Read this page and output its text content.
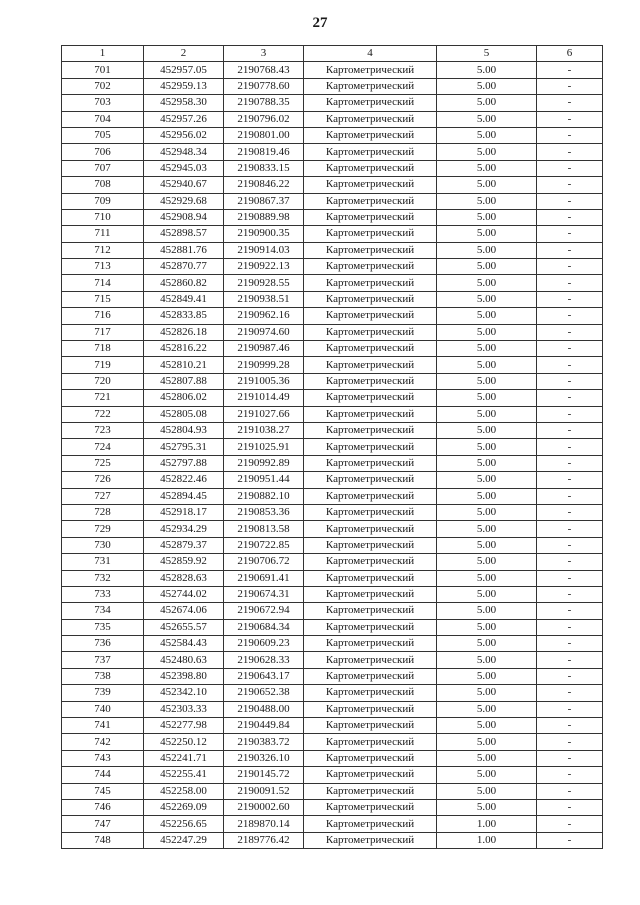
27
1	2	3	4	5	6
701	452957.05	2190768.43	Картометрический	5.00	-
702	452959.13	2190778.60	Картометрический	5.00	-
703	452958.30	2190788.35	Картометрический	5.00	-
704	452957.26	2190796.02	Картометрический	5.00	-
705	452956.02	2190801.00	Картометрический	5.00	-
706	452948.34	2190819.46	Картометрический	5.00	-
707	452945.03	2190833.15	Картометрический	5.00	-
708	452940.67	2190846.22	Картометрический	5.00	-
709	452929.68	2190867.37	Картометрический	5.00	-
710	452908.94	2190889.98	Картометрический	5.00	-
711	452898.57	2190900.35	Картометрический	5.00	-
712	452881.76	2190914.03	Картометрический	5.00	-
713	452870.77	2190922.13	Картометрический	5.00	-
714	452860.82	2190928.55	Картометрический	5.00	-
715	452849.41	2190938.51	Картометрический	5.00	-
716	452833.85	2190962.16	Картометрический	5.00	-
717	452826.18	2190974.60	Картометрический	5.00	-
718	452816.22	2190987.46	Картометрический	5.00	-
719	452810.21	2190999.28	Картометрический	5.00	-
720	452807.88	2191005.36	Картометрический	5.00	-
721	452806.02	2191014.49	Картометрический	5.00	-
722	452805.08	2191027.66	Картометрический	5.00	-
723	452804.93	2191038.27	Картометрический	5.00	-
724	452795.31	2191025.91	Картометрический	5.00	-
725	452797.88	2190992.89	Картометрический	5.00	-
726	452822.46	2190951.44	Картометрический	5.00	-
727	452894.45	2190882.10	Картометрический	5.00	-
728	452918.17	2190853.36	Картометрический	5.00	-
729	452934.29	2190813.58	Картометрический	5.00	-
730	452879.37	2190722.85	Картометрический	5.00	-
731	452859.92	2190706.72	Картометрический	5.00	-
732	452828.63	2190691.41	Картометрический	5.00	-
733	452744.02	2190674.31	Картометрический	5.00	-
734	452674.06	2190672.94	Картометрический	5.00	-
735	452655.57	2190684.34	Картометрический	5.00	-
736	452584.43	2190609.23	Картометрический	5.00	-
737	452480.63	2190628.33	Картометрический	5.00	-
738	452398.80	2190643.17	Картометрический	5.00	-
739	452342.10	2190652.38	Картометрический	5.00	-
740	452303.33	2190488.00	Картометрический	5.00	-
741	452277.98	2190449.84	Картометрический	5.00	-
742	452250.12	2190383.72	Картометрический	5.00	-
743	452241.71	2190326.10	Картометрический	5.00	-
744	452255.41	2190145.72	Картометрический	5.00	-
745	452258.00	2190091.52	Картометрический	5.00	-
746	452269.09	2190002.60	Картометрический	5.00	-
747	452256.65	2189870.14	Картометрический	1.00	-
748	452247.29	2189776.42	Картометрический	1.00	-
